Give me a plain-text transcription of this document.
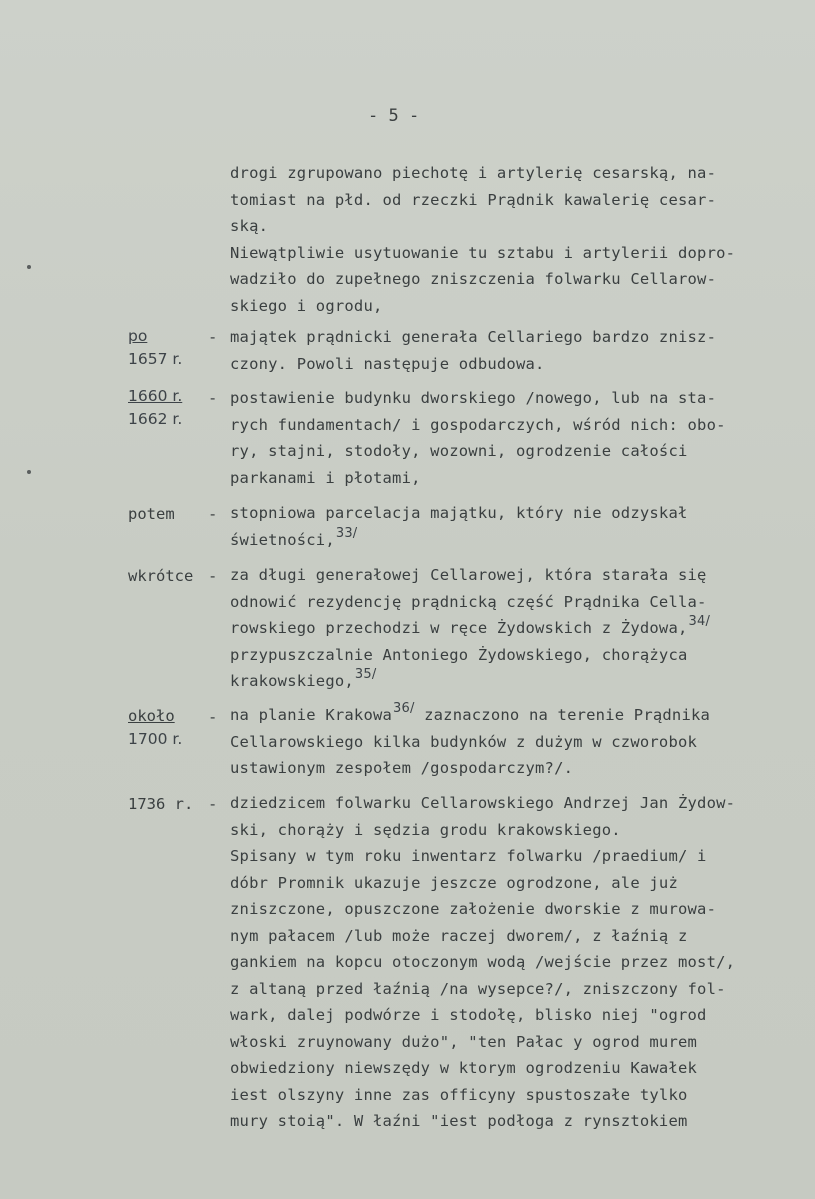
- 5 -
drogi zgrupowano piechotę i artylerię cesarską, na-
tomiast na płd. od rzeczki Prądnik kawalerię cesar-
ską.
Niewątpliwie usytuowanie tu sztabu i artylerii dopro-
wadziło do zupełnego zniszczenia folwarku Cellarow-
skiego i ogrodu,
po
1657 r.
- majątek prądnicki generała Cellariego bardzo znisz-
czony. Powoli następuje odbudowa.
1660 r.
1662 r.
- postawienie budynku dworskiego /nowego, lub na sta-
rych fundamentach/ i gospodarczych, wśród nich: obo-
ry, stajni, stodoły, wozowni, ogrodzenie całości
parkanami i płotami,
potem	- stopniowa parcelacja majątku, który nie odzyskał
świetności,$^{33/}$
wkrótce - za długi generałowej Cellarowej, która starała się
odnowić rezydencję prądnicką część Prądnika Cella-
rowskiego przechodzi w ręce Żydowskich z Żydowa,$^{34/}$
przypuszczalnie Antoniego Żydowskiego, chorążyca
krakowskiego,$^{35/}$
około
1700 r.
- na planie Krakowa$^{36/}$ zaznaczono na terenie Prądnika
Cellarowskiego kilka budynków z dużym w czworobok
ustawionym zespołem /gospodarczym?/.
1736 r. - dziedzicem folwarku Cellarowskiego Andrzej Jan Żydow-
ski, chorąży i sędzia grodu krakowskiego.
Spisany w tym roku inwentarz folwarku /praedium/ i
dóbr Promnik ukazuje jeszcze ogrodzone, ale już
zniszczone, opuszczone założenie dworskie z murowa-
nym pałacem /lub może raczej dworem/, z łaźnią z
gankiem na kopcu otoczonym wodą /wejście przez most/,
z altaną przed łaźnią /na wysepce?/, zniszczony fol-
wark, dalej podwórze i stodołę, blisko niej "ogrod
włoski zruynowany dużo", "ten Pałac y ogrod murem
obwiedziony niewszędy w ktorym ogrodzeniu Kawałek
iest olszyny inne zas officyny spustoszałe tylko
mury stoią". W łaźni "iest podłoga z rynsztokiem
